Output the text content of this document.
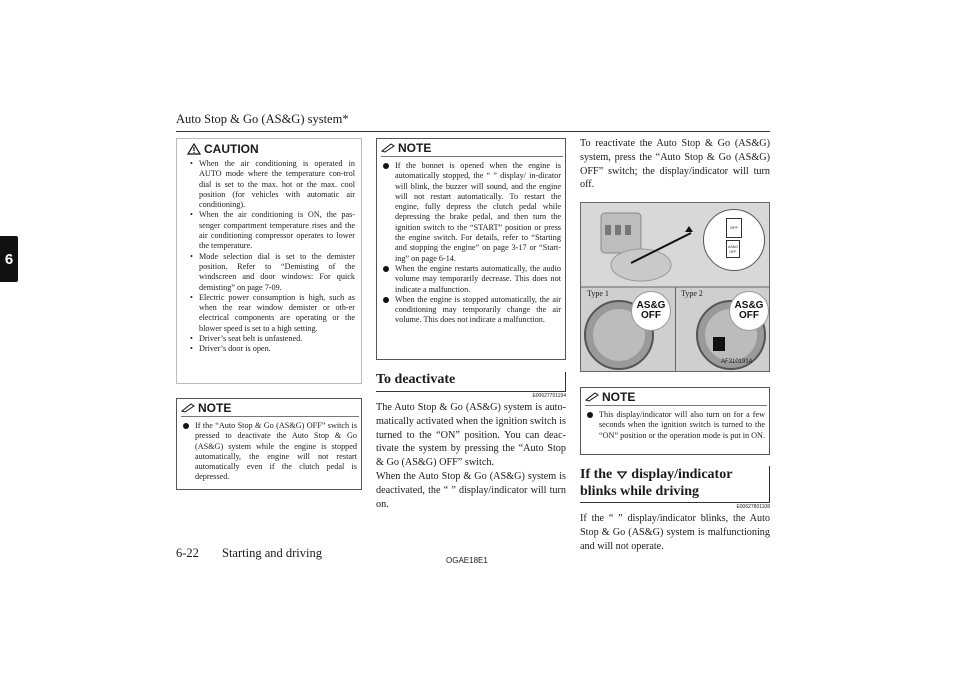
Auto Stop & Go (AS&G) system*
6
CAUTION
• When the air conditioning is operated in AUTO mode where the temperature con-trol dial is set to the max. hot or the max. cool position (for vehicles with automatic air conditioning).
• When the air conditioning is ON, the pas-senger compartment temperature rises and the air conditioning compressor operates to lower the temperature.
• Mode selection dial is set to the demister position. Refer to “Demisting of the windscreen and door windows: For quick demisting” on page 7-09.
• Electric power consumption is high, such as when the rear window demister or oth-er electrical components are operating or the blower speed is set to a high setting.
• Driver’s seat belt is unfastened.
• Driver’s door is open.
NOTE
If the “Auto Stop & Go (AS&G) OFF” switch is pressed to deactivate the Auto Stop & Go (AS&G) system while the engine is stopped automatically, the engine will not restart automatically even if the clutch pedal is depressed.
NOTE
If the bonnet is opened when the engine is automatically stopped, the “ ” display/ in-dicator will blink, the buzzer will sound, and the engine will not restart automatically. To restart the engine, fully depress the clutch pedal while depressing the brake pedal, and then turn the ignition switch to the “START” position or press the engine switch. For details, refer to “Starting and stopping the engine” on page 3-17 or “Start-ing” on page 6-14.
When the engine restarts automatically, the audio volume may temporarily decrease. This does not indicate a malfunction.
When the engine is stopped automatically, the air conditioning may temporarily change the air volume. This does not indicate a malfunction.
To deactivate
E00627701194
The Auto Stop & Go (AS&G) system is auto-matically activated when the ignition switch is turned to the “ON” position. You can deac-tivate the system by pressing the “Auto Stop & Go (AS&G) OFF” switch.
When the Auto Stop & Go (AS&G) system is deactivated, the “ ” display/indicator will turn on.
To reactivate the Auto Stop & Go (AS&G) system, press the “Auto Stop & Go (AS&G) OFF” switch; the display/indicator will turn off.
OFF
AS&G
OFF
Type 1	Type 2
AS&G
OFF
AS&G
OFF
AF3101914
NOTE
This display/indicator will also turn on for a few seconds when the ignition switch is turned to the “ON” position or the operation mode is put in ON.
If the display/indicator
blinks while driving
E00627801108
If the “ ” display/indicator blinks, the Auto Stop & Go (AS&G) system is malfunctioning and will not operate.
6-22 Starting and driving
OGAE18E1
